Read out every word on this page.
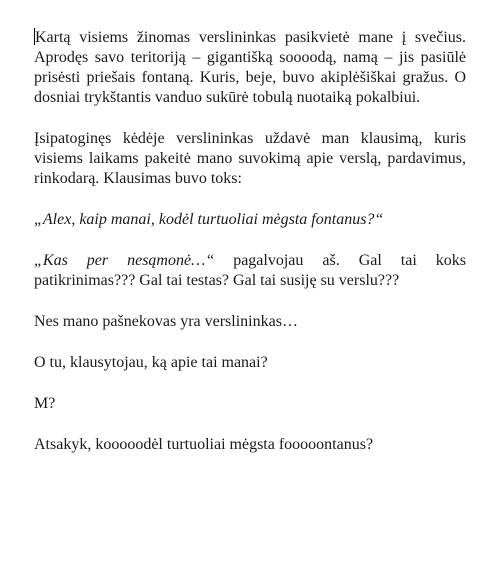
Kartą visiems žinomas verslininkas pasikvietė mane į svečius. Aprodęs savo teritoriją – gigantišką soooodą, namą – jis pasiūlė prisėsti priešais fontaną. Kuris, beje, buvo akiplėšiškai gražus. O dosniai trykštantis vanduo sukūrė tobulą nuotaiką pokalbiui.

Įsipatoginęs kėdėje verslininkas uždavė man klausimą, kuris visiems laikams pakeitė mano suvokimą apie verslą, pardavimus, rinkodarą. Klausimas buvo toks:

„Alex, kaip manai, kodėl turtuoliai mėgsta fontanus?“

„Kas per nesąmonė…“ pagalvojau aš. Gal tai koks patikrinimas??? Gal tai testas? Gal tai susiję su verslu???

Nes mano pašnekovas yra verslininkas…

O tu, klausytojau, ką apie tai manai?

M?

Atsakyk, kooooodėl turtuoliai mėgsta fooooontanus?
